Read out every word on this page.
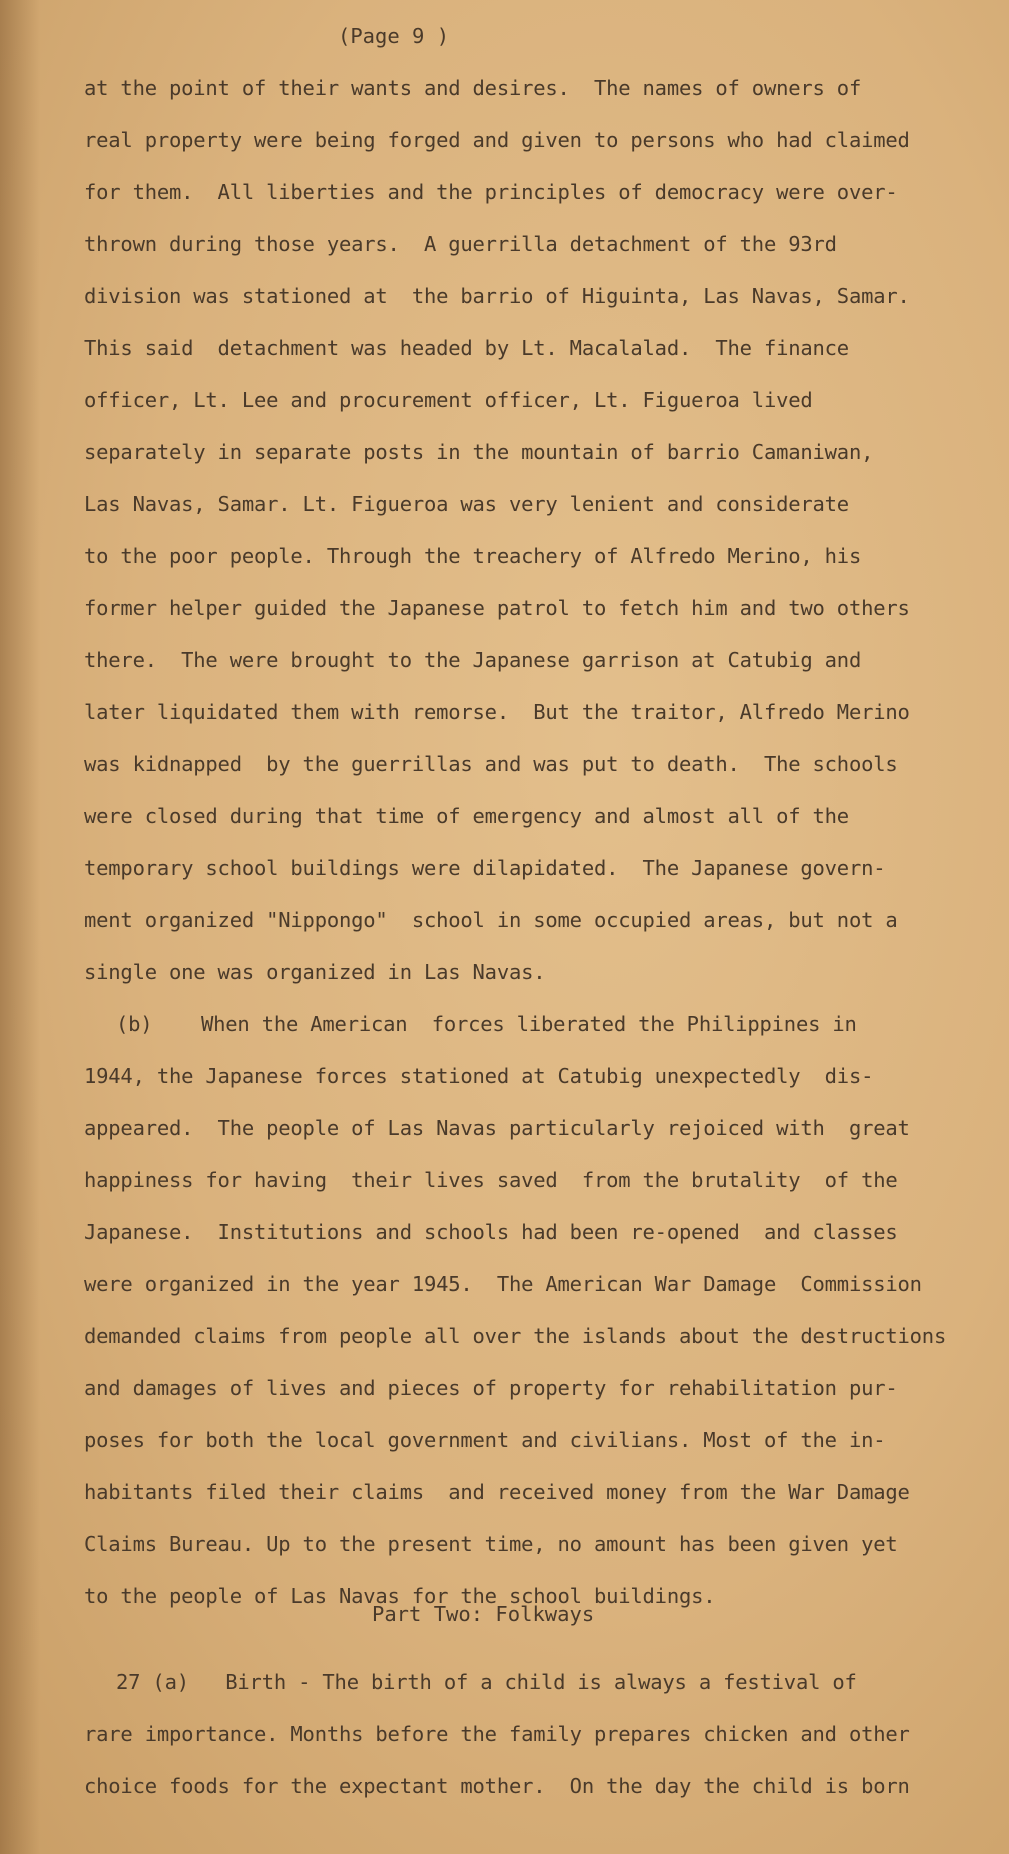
(Page 9 )
at the point of their wants and desires.  The names of owners of
real property were being forged and given to persons who had claimed
for them.  All liberties and the principles of democracy were over-
thrown during those years.  A guerrilla detachment of the 93rd
division was stationed at  the barrio of Higuinta, Las Navas, Samar.
This said  detachment was headed by Lt. Macalalad.  The finance
officer, Lt. Lee and procurement officer, Lt. Figueroa lived
separately in separate posts in the mountain of barrio Camaniwan,
Las Navas, Samar. Lt. Figueroa was very lenient and considerate
to the poor people. Through the treachery of Alfredo Merino, his
former helper guided the Japanese patrol to fetch him and two others
there.  The were brought to the Japanese garrison at Catubig and
later liquidated them with remorse.  But the traitor, Alfredo Merino
was kidnapped  by the guerrillas and was put to death.  The schools
were closed during that time of emergency and almost all of the
temporary school buildings were dilapidated.  The Japanese govern-
ment organized "Nippongo"  school in some occupied areas, but not a
single one was organized in Las Navas.
(b)    When the American  forces liberated the Philippines in
1944, the Japanese forces stationed at Catubig unexpectedly  dis-
appeared.  The people of Las Navas particularly rejoiced with  great
happiness for having  their lives saved  from the brutality  of the
Japanese.  Institutions and schools had been re-opened  and classes
were organized in the year 1945.  The American War Damage  Commission
demanded claims from people all over the islands about the destructions
and damages of lives and pieces of property for rehabilitation pur-
poses for both the local government and civilians. Most of the in-
habitants filed their claims  and received money from the War Damage
Claims Bureau. Up to the present time, no amount has been given yet
to the people of Las Navas for the school buildings.
Part Two: Folkways
27 (a)   Birth - The birth of a child is always a festival of
rare importance. Months before the family prepares chicken and other
choice foods for the expectant mother.  On the day the child is born
